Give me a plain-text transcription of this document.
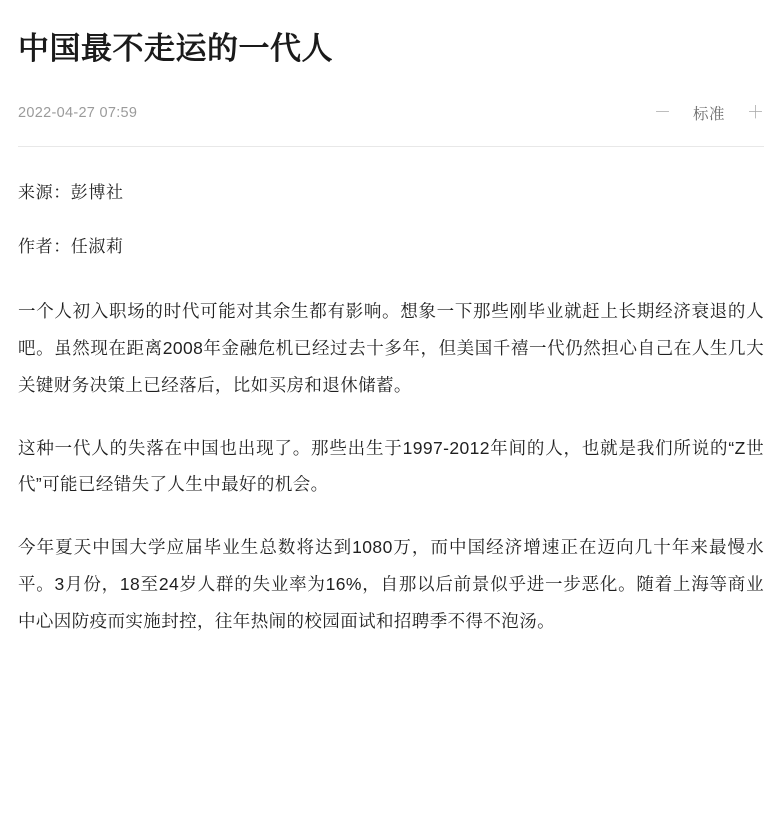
中国最不走运的一代人
2022-04-27 07:59	－ 标准 ＋

来源：彭博社

作者：任淑莉

一个人初入职场的时代可能对其余生都有影响。想象一下那些刚毕业就赶上长期经济衰退的人吧。虽然现在距离2008年金融危机已经过去十多年，但美国千禧一代仍然担心自己在人生几大关键财务决策上已经落后，比如买房和退休储蓄。

这种一代人的失落在中国也出现了。那些出生于1997-2012年间的人，也就是我们所说的“Z世代”可能已经错失了人生中最好的机会。

今年夏天中国大学应届毕业生总数将达到1080万，而中国经济增速正在迈向几十年来最慢水平。3月份，18至24岁人群的失业率为16%，自那以后前景似乎进一步恶化。随着上海等商业中心因防疫而实施封控，往年热闹的校园面试和招聘季不得不泡汤。
